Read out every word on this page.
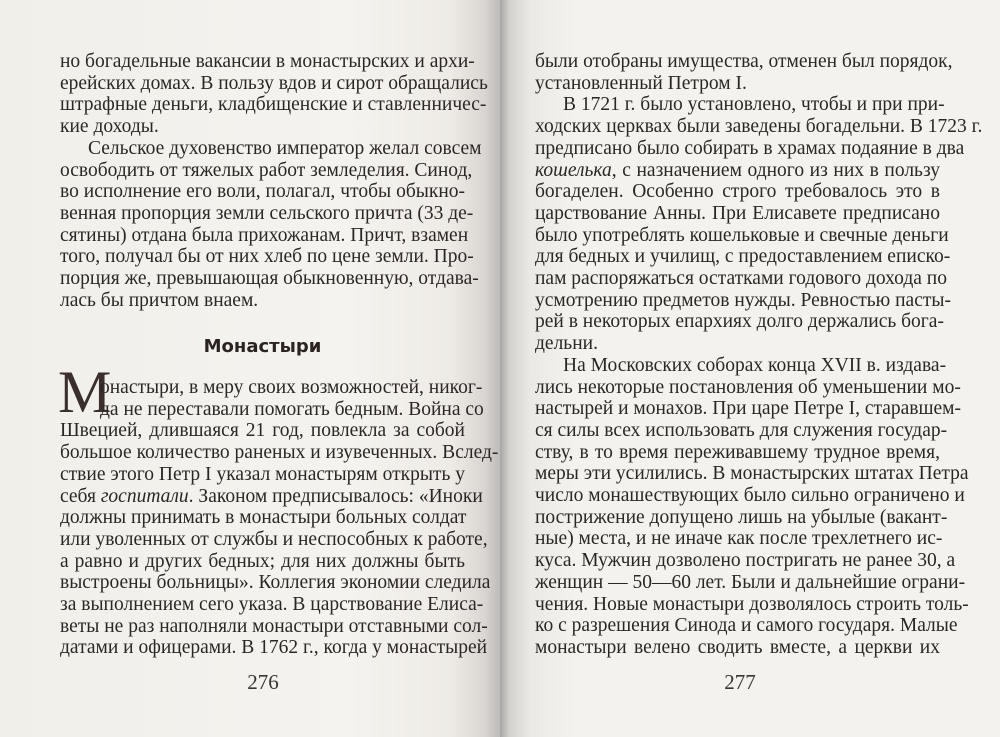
Монастыри
М
276
но богадельные вакансии в монастырских и архи-
ерейских домах. В пользу вдов и сирот обращались
штрафные деньги, кладбищенские и ставленничес-
кие доходы.
Сельское духовенство император желал совсем
освободить от тяжелых работ земледелия. Синод,
во исполнение его воли, полагал, чтобы обыкно-
венная пропорция земли сельского причта (33 де-
сятины) отдана была прихожанам. Причт, взамен
того, получал бы от них хлеб по цене земли. Про-
порция же, превышающая обыкновенную, отдава-
лась бы причтом внаем.
онастыри, в меру своих возможностей, никог-
да не переставали помогать бедным. Война со
Швецией, длившаяся 21 год, повлекла за собой
большое количество раненых и изувеченных. Вслед-
ствие этого Петр I указал монастырям открыть у
себя госпитали. Законом предписывалось: «Иноки
должны принимать в монастыри больных солдат
или уволенных от службы и неспособных к работе,
а равно и других бедных; для них должны быть
выстроены больницы». Коллегия экономии следила
за выполнением сего указа. В царствование Елиса-
веты не раз наполняли монастыри отставными сол-
датами и офицерами. В 1762 г., когда у монастырей
277
были отобраны имущества, отменен был порядок,
установленный Петром I.
В 1721 г. было установлено, чтобы и при при-
ходских церквах были заведены богадельни. В 1723 г.
предписано было собирать в храмах подаяние в два
кошелька, с назначением одного из них в пользу
богаделен. Особенно строго требовалось это в
царствование Анны. При Елисавете предписано
было употреблять кошельковые и свечные деньги
для бедных и училищ, с предоставлением еписко-
пам распоряжаться остатками годового дохода по
усмотрению предметов нужды. Ревностью пасты-
рей в некоторых епархиях долго держались бога-
дельни.
На Московских соборах конца XVII в. издава-
лись некоторые постановления об уменьшении мо-
настырей и монахов. При царе Петре I, старавшем-
ся силы всех использовать для служения государ-
ству, в то время переживавшему трудное время,
меры эти усилились. В монастырских штатах Петра
число монашествующих было сильно ограничено и
пострижение допущено лишь на убылые (вакант-
ные) места, и не иначе как после трехлетнего ис-
куса. Мужчин дозволено постригать не ранее 30, а
женщин — 50—60 лет. Были и дальнейшие ограни-
чения. Новые монастыри дозволялось строить толь-
ко с разрешения Синода и самого государя. Малые
монастыри велено сводить вместе, а церкви их
